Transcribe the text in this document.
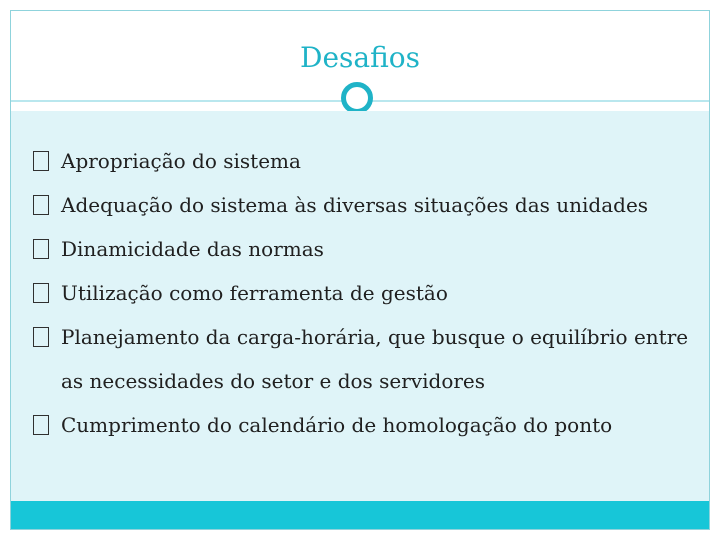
Desafios
Apropriação do sistema
Adequação do sistema às diversas situações das unidades
Dinamicidade das normas
Utilização como ferramenta de gestão
Planejamento da carga-horária, que busque o equilíbrio entre as necessidades do setor e dos servidores
Cumprimento do calendário de homologação do ponto
